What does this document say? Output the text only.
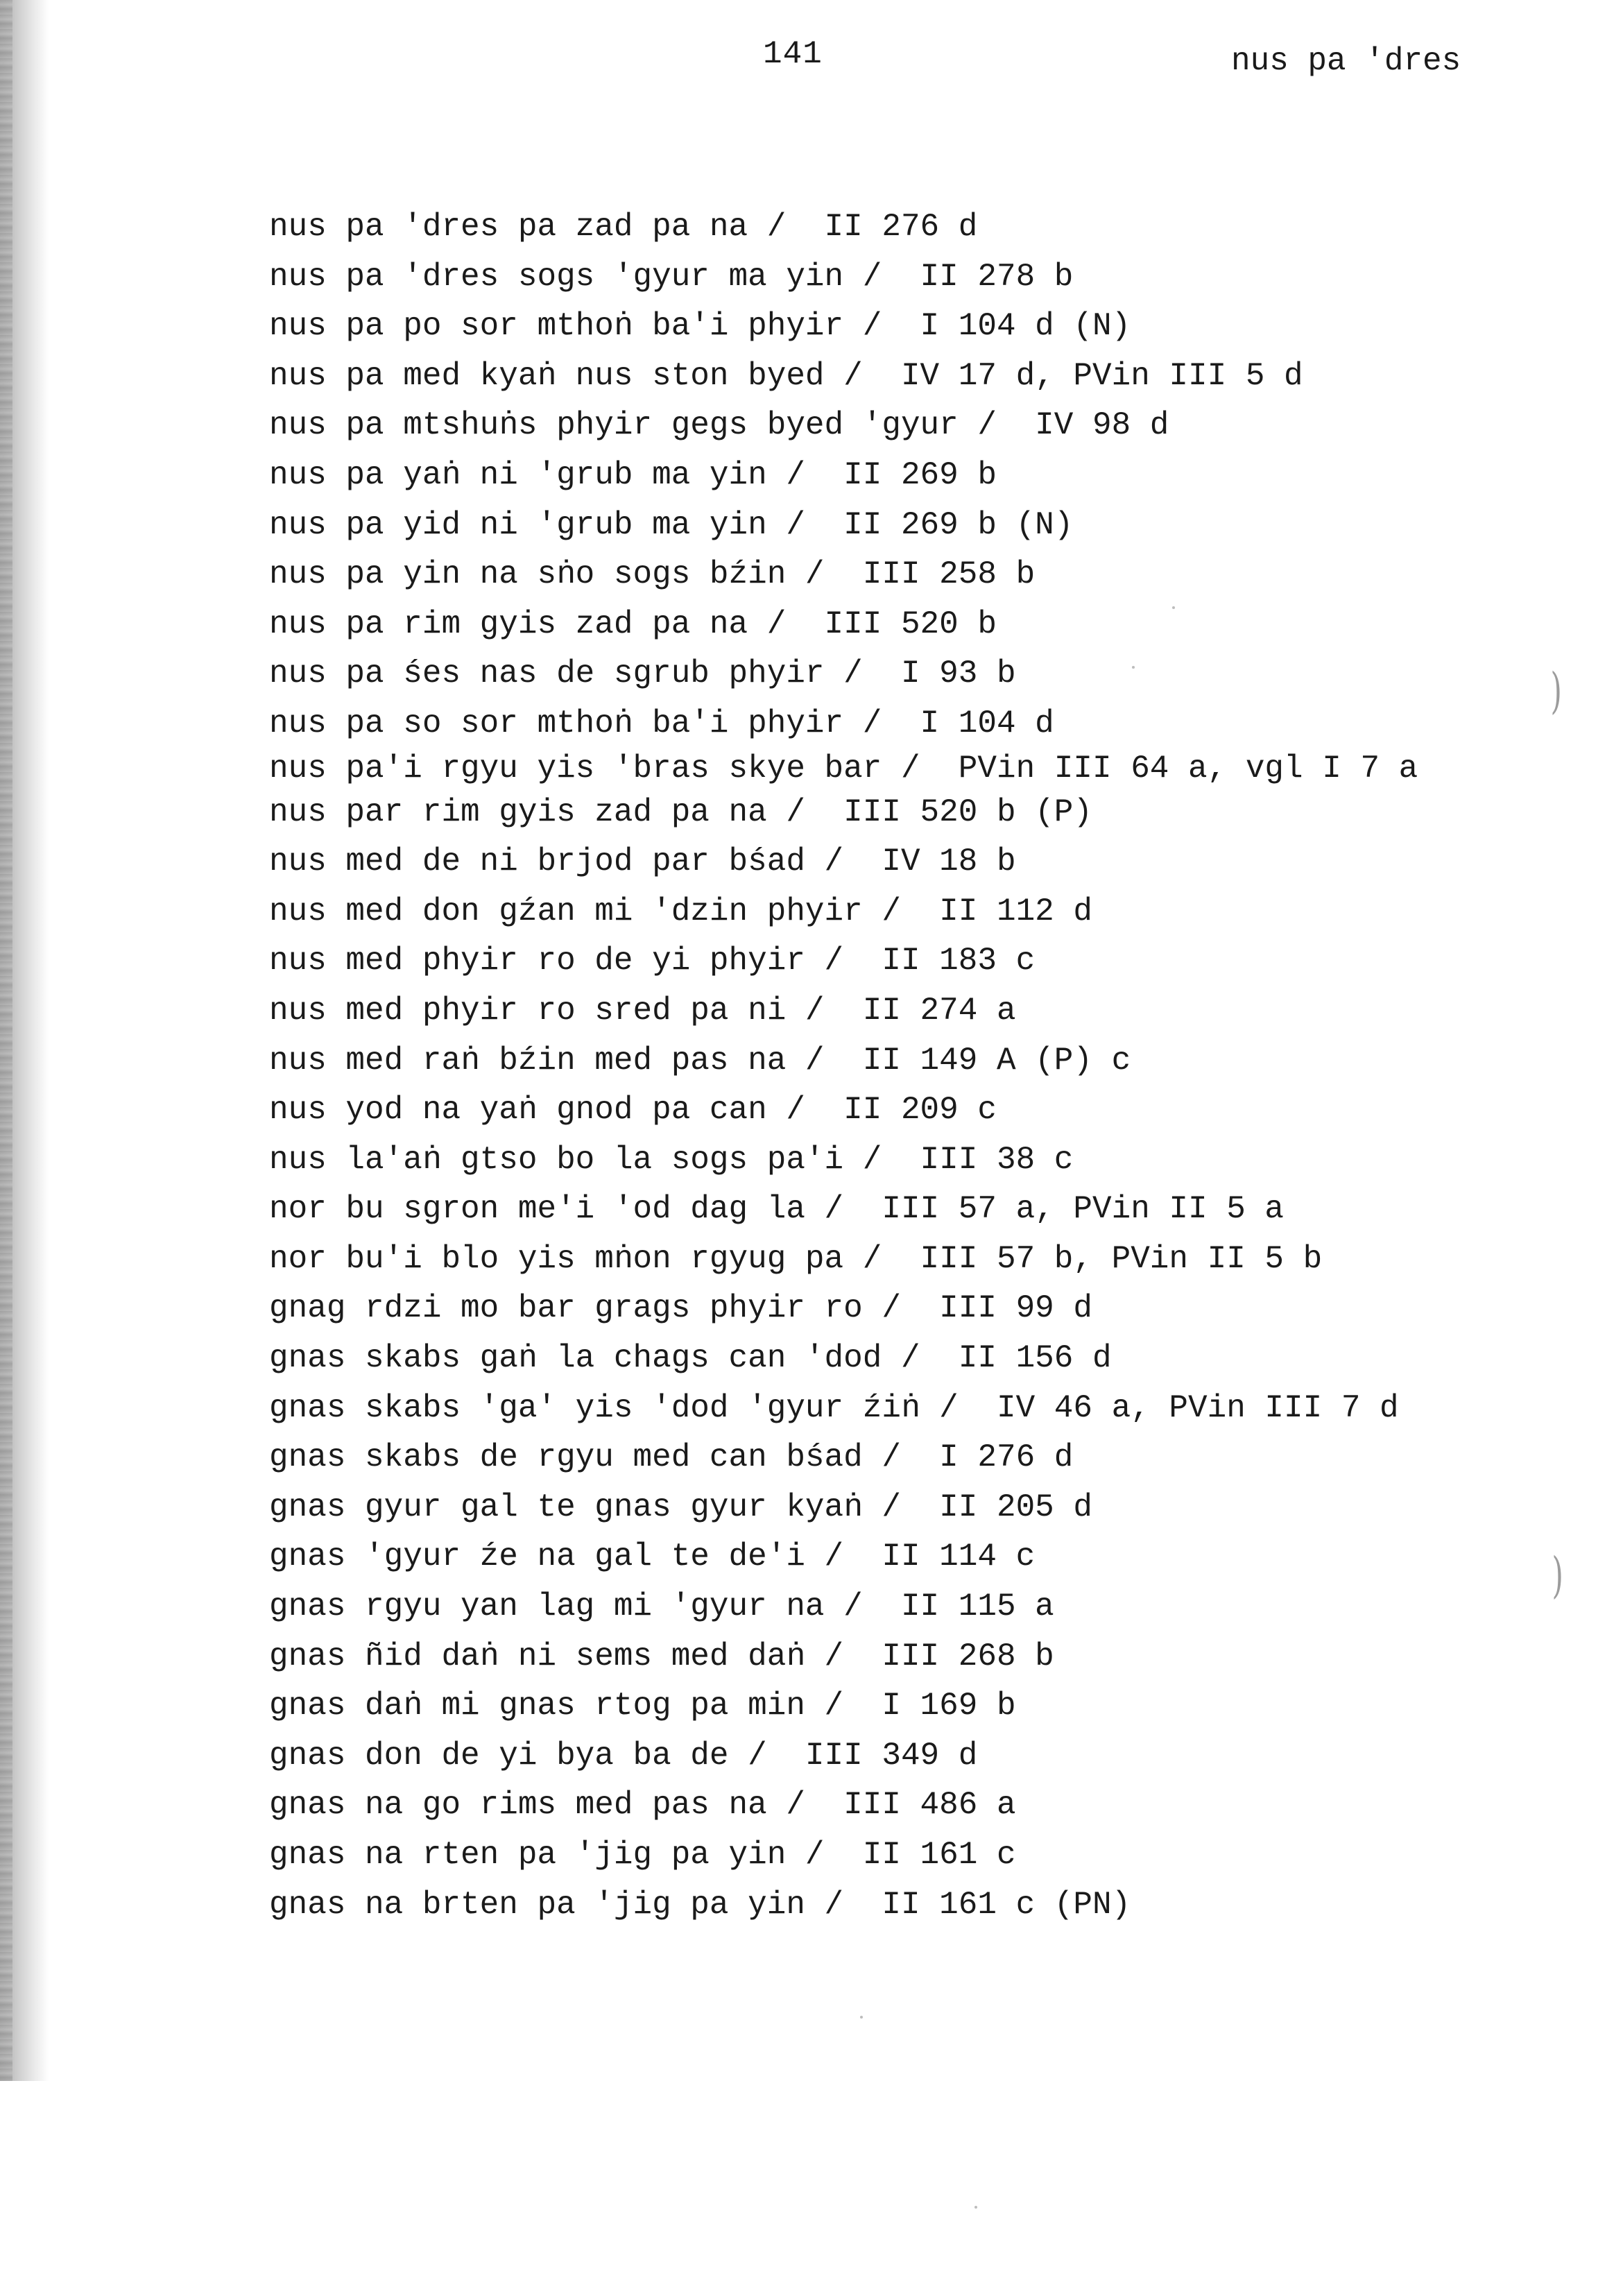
141	nus pa 'dres
nus pa 'dres pa zad pa na /  II 276 d
nus pa 'dres sogs 'gyur ma yin /  II 278 b
nus pa po sor mthoṅ ba'i phyir /  I 104 d (N)
nus pa med kyaṅ nus ston byed /  IV 17 d, PVin III 5 d
nus pa mtshuṅs phyir gegs byed 'gyur /  IV 98 d
nus pa yaṅ ni 'grub ma yin /  II 269 b
nus pa yid ni 'grub ma yin /  II 269 b (N)
nus pa yin na sṅo sogs bźin /  III 258 b
nus pa rim gyis zad pa na /  III 520 b
nus pa śes nas de sgrub phyir /  I 93 b
nus pa so sor mthoṅ ba'i phyir /  I 104 d
nus pa'i rgyu yis 'bras skye bar /  PVin III 64 a, vgl I 7 a
nus par rim gyis zad pa na /  III 520 b (P)
nus med de ni brjod par bśad /  IV 18 b
nus med don gźan mi 'dzin phyir /  II 112 d
nus med phyir ro de yi phyir /  II 183 c
nus med phyir ro sred pa ni /  II 274 a
nus med raṅ bźin med pas na /  II 149 A (P) c
nus yod na yaṅ gnod pa can /  II 209 c
nus la'aṅ gtso bo la sogs pa'i /  III 38 c
nor bu sgron me'i 'od dag la /  III 57 a, PVin II 5 a
nor bu'i blo yis mṅon rgyug pa /  III 57 b, PVin II 5 b
gnag rdzi mo bar grags phyir ro /  III 99 d
gnas skabs gaṅ la chags can 'dod /  II 156 d
gnas skabs 'ga' yis 'dod 'gyur źiṅ /  IV 46 a, PVin III 7 d
gnas skabs de rgyu med can bśad /  I 276 d
gnas gyur gal te gnas gyur kyaṅ /  II 205 d
gnas 'gyur źe na gal te de'i /  II 114 c
gnas rgyu yan lag mi 'gyur na /  II 115 a
gnas ñid daṅ ni sems med daṅ /  III 268 b
gnas daṅ mi gnas rtog pa min /  I 169 b
gnas don de yi bya ba de /  III 349 d
gnas na go rims med pas na /  III 486 a
gnas na rten pa 'jig pa yin /  II 161 c
gnas na brten pa 'jig pa yin /  II 161 c (PN)
)
)
